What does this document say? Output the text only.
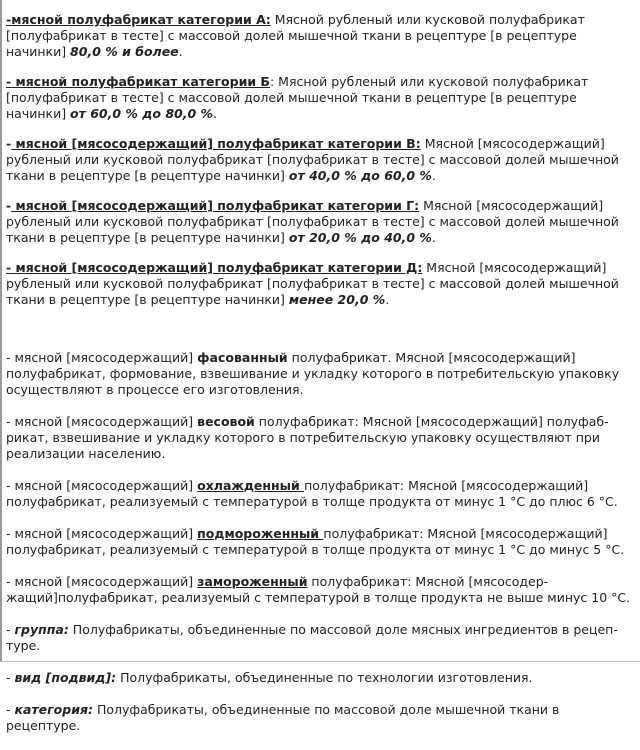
-мясной полуфабрикат категории А: Мясной рубленый или кусковой полуфабрикат [полуфабрикат в тесте] с массовой долей мышечной ткани в рецептуре [в рецептуре начинки] 80,0 % и более.

- мясной полуфабрикат категории Б: Мясной рубленый или кусковой полуфабрикат [полуфабрикат в тесте] с массовой долей мышечной ткани в рецептуре [в рецептуре начинки] от 60,0 % до 80,0 %.

- мясной [мясосодержащий] полуфабрикат категории В: Мясной [мясосодержащий] рубленый или кусковой полуфабрикат [полуфабрикат в тесте] с массовой долей мышечной ткани в рецептуре [в рецептуре начинки] от 40,0 % до 60,0 %.

- мясной [мясосодержащий] полуфабрикат категории Г: Мясной [мясосодержащий] рубленый или кусковой полуфабрикат [полуфабрикат в тесте] с массовой долей мышечной ткани в рецептуре [в рецептуре начинки] от 20,0 % до 40,0 %.

- мясной [мясосодержащий] полуфабрикат категории Д: Мясной [мясосодержащий] рубленый или кусковой полуфабрикат [полуфабрикат в тесте] с массовой долей мышечной ткани в рецептуре [в рецептуре начинки] менее 20,0 %.

- мясной [мясосодержащий] фасованный полуфабрикат. Мясной [мясосодержащий] полуфабрикат, формование, взвешивание и укладку которого в потребительскую упаковку осуществляют в процессе его изготовления.

- мясной [мясосодержащий] весовой полуфабрикат: Мясной [мясосодержащий] полуфаб-рикат, взвешивание и укладку которого в потребительскую упаковку осуществляют при реализации населению.

- мясной [мясосодержащий] охлажденный полуфабрикат: Мясной [мясосодержащий] полуфабрикат, реализуемый с температурой в толще продукта от минус 1 °С до плюс 6 °С.

- мясной [мясосодержащий] подмороженный полуфабрикат: Мясной [мясосодержащий] полуфабрикат, реализуемый с температурой в толще продукта от минус 1 °С до минус 5 °С.

- мясной [мясосодержащий] замороженный полуфабрикат: Мясной [мясосодер-жащий]полуфабрикат, реализуемый с температурой в толще продукта не выше минус 10 °С.

- группа: Полуфабрикаты, объединенные по массовой доле мясных ингредиентов в рецеп-туре.

- вид [подвид]: Полуфабрикаты, объединенные по технологии изготовления.

- категория: Полуфабрикаты, объединенные по массовой доле мышечной ткани в рецептуре.
